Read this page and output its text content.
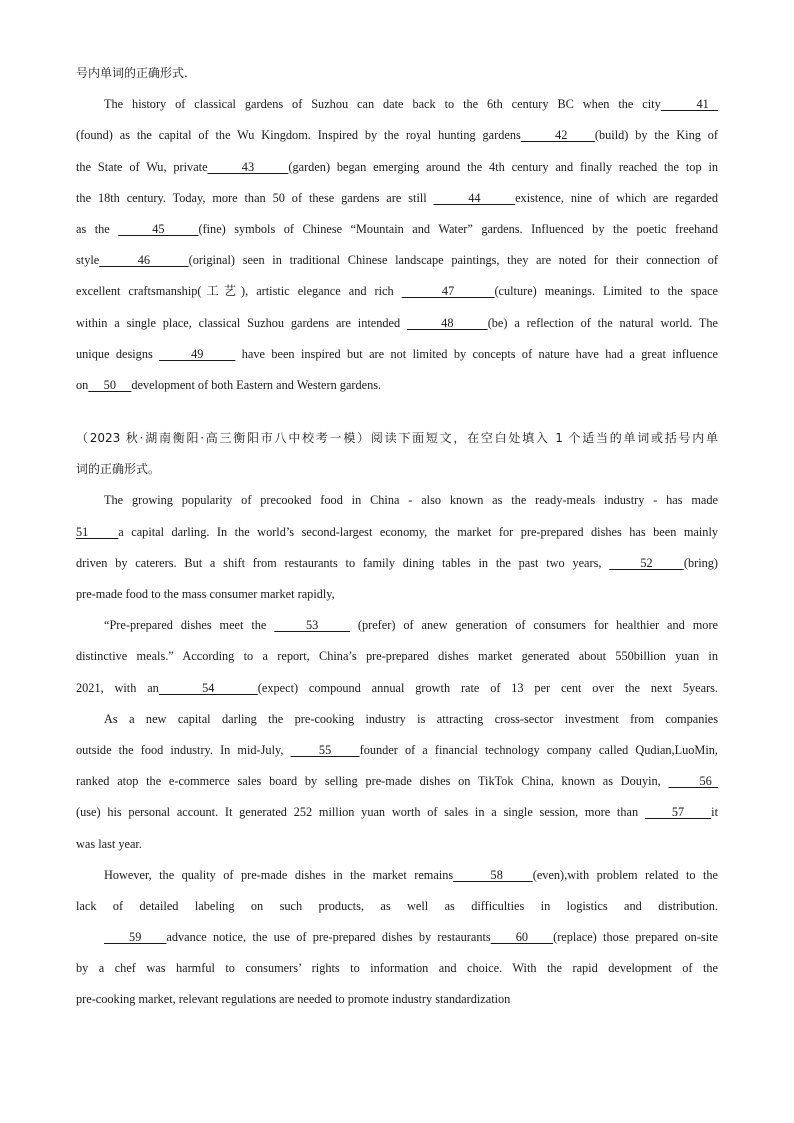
号内单词的正确形式.
The history of classical gardens of Suzhou can date back to the 6th century BC when the city    41
(found) as the capital of the Wu Kingdom. Inspired by the royal hunting gardens     42    (build) by the King of
the State of Wu, private     43     (garden) began emerging around the 4th century and finally reached the top in
the 18th century. Today, more than 50 of these gardens are still      44     existence, nine of which are regarded
as the     45    (fine) symbols of Chinese “Mountain and Water” gardens. Influenced by the poetic freehand
style     46     (original) seen in traditional Chinese landscape paintings, they are noted for their connection of
excellent craftsmanship(工艺), artistic elegance and rich      47     (culture) meanings. Limited to the space
within a single place, classical Suzhou gardens are intended      48     (be) a reflection of the natural world. The
unique designs      49      have been inspired but are not limited by concepts of nature have had a great influence
on     50     development of both Eastern and Western gardens.
（2023 秋·湖南衡阳·高三衡阳市八中校考一模）阅读下面短文，在空白处填入 1 个适当的单词或括号内单
词的正确形式。
The growing popularity of precooked food in China - also known as the ready-meals industry - has made
51    a capital darling. In the world’s second-largest economy, the market for pre-prepared dishes has been mainly
driven by caterers. But a shift from restaurants to family dining tables in the past two years,     52    (bring)
pre-made food to the mass consumer market rapidly,
“Pre-prepared dishes meet the     53     (prefer) of anew generation of consumers for healthier and more
distinctive meals.” According to a report, China’s pre-prepared dishes market generated about 550billion yuan in
2021, with an    54    (expect) compound annual growth rate of 13 per cent over the next 5years.
As a new capital darling the pre-cooking industry is attracting cross-sector investment from companies
outside the food industry. In mid-July,     55    founder of a financial technology company called Qudian,LuoMin,
ranked atop the e-commerce sales board by selling pre-made dishes on TikTok China, known as Douyin,     56
(use) his personal account. It generated 252 million yuan worth of sales in a single session, more than     57    it
was last year.
However, the quality of pre-made dishes in the market remains     58    (even),with problem related to the
lack of detailed labeling on such products, as well as difficulties in logistics and distribution.
59    advance notice, the use of pre-prepared dishes by restaurants    60    (replace) those prepared on-site
by a chef was harmful to consumers’ rights to information and choice. With the rapid development of the
pre-cooking market, relevant regulations are needed to promote industry standardization
